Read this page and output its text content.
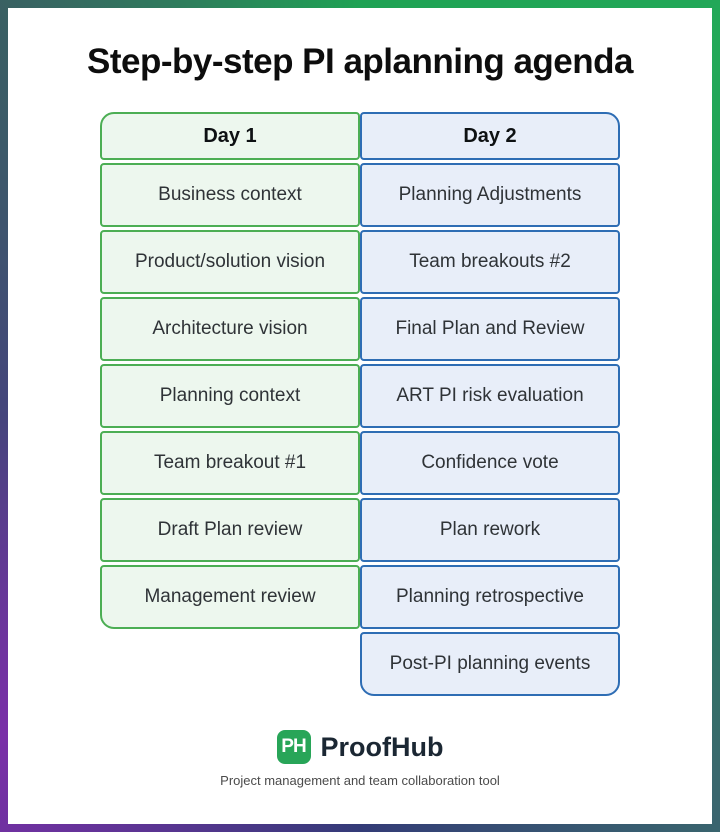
Step-by-step PI aplanning agenda
Day 1
Business context
Product/solution vision
Architecture vision
Planning context
Team breakout #1
Draft Plan review
Management review
Day 2
Planning Adjustments
Team breakouts #2
Final Plan and Review
ART PI risk evaluation
Confidence vote
Plan rework
Planning retrospective
Post-PI planning events
PH ProofHub
Project management and team collaboration tool
